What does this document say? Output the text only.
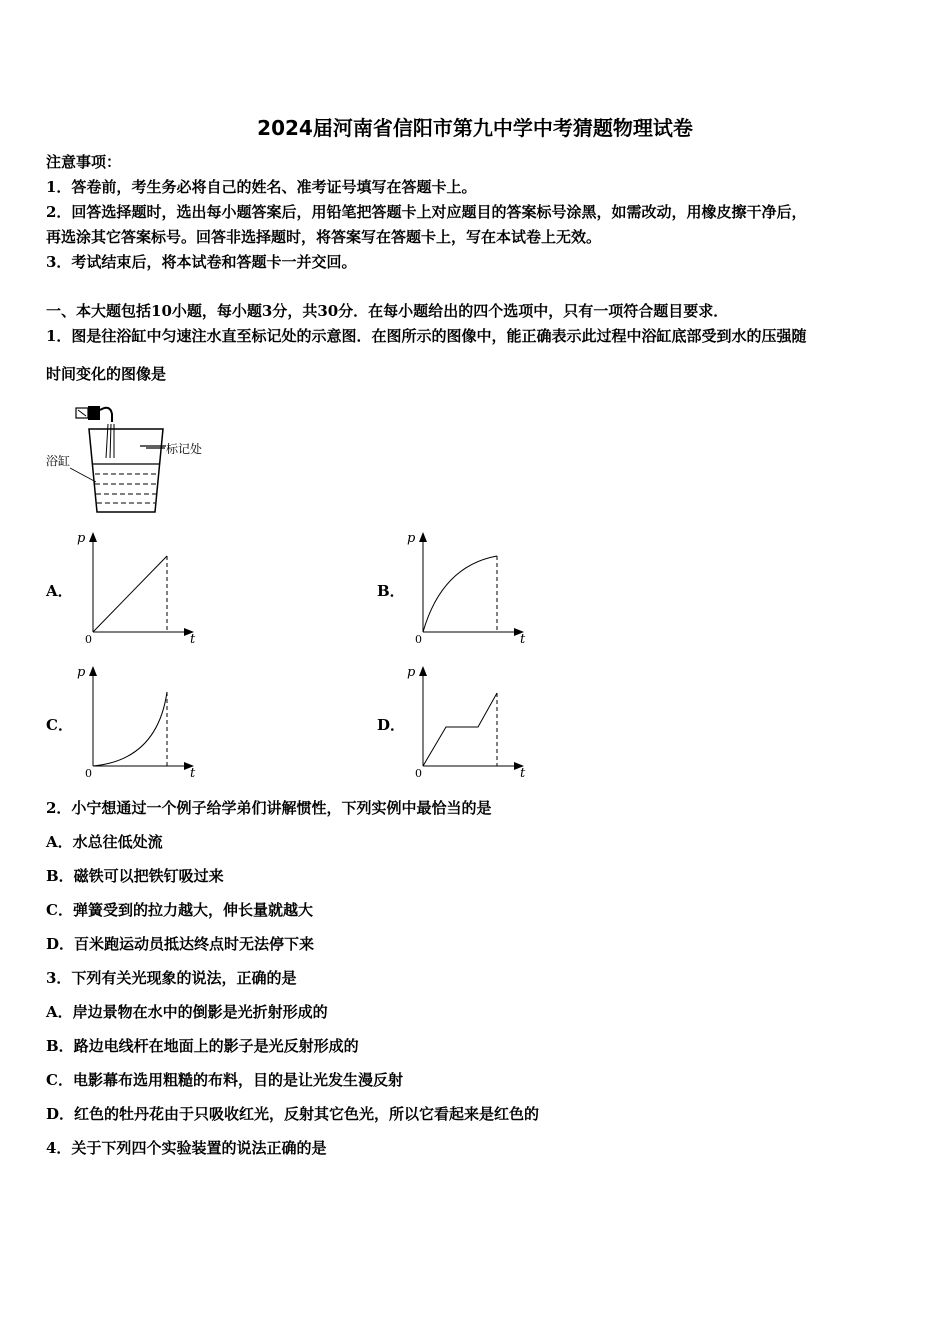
2024届河南省信阳市第九中学中考猜题物理试卷
注意事项：
1．答卷前，考生务必将自己的姓名、准考证号填写在答题卡上。
2．回答选择题时，选出每小题答案后，用铅笔把答题卡上对应题目的答案标号涂黑，如需改动，用橡皮擦干净后，
再选涂其它答案标号。回答非选择题时，将答案写在答题卡上，写在本试卷上无效。
3．考试结束后，将本试卷和答题卡一并交回。
一、本大题包括10小题，每小题3分，共30分．在每小题给出的四个选项中，只有一项符合题目要求．
1．图是往浴缸中匀速注水直至标记处的示意图．在图所示的图像中，能正确表示此过程中浴缸底部受到水的压强随
时间变化的图像是
标记处
浴缸
A．	B．
C．	D．
p
t
0
p
t
0
p
t
0
p
t
0
2．小宁想通过一个例子给学弟们讲解惯性，下列实例中最恰当的是
A．水总往低处流
B．磁铁可以把铁钉吸过来
C．弹簧受到的拉力越大，伸长量就越大
D．百米跑运动员抵达终点时无法停下来
3．下列有关光现象的说法，正确的是
A．岸边景物在水中的倒影是光折射形成的
B．路边电线杆在地面上的影子是光反射形成的
C．电影幕布选用粗糙的布料，目的是让光发生漫反射
D．红色的牡丹花由于只吸收红光，反射其它色光，所以它看起来是红色的
4．关于下列四个实验装置的说法正确的是
